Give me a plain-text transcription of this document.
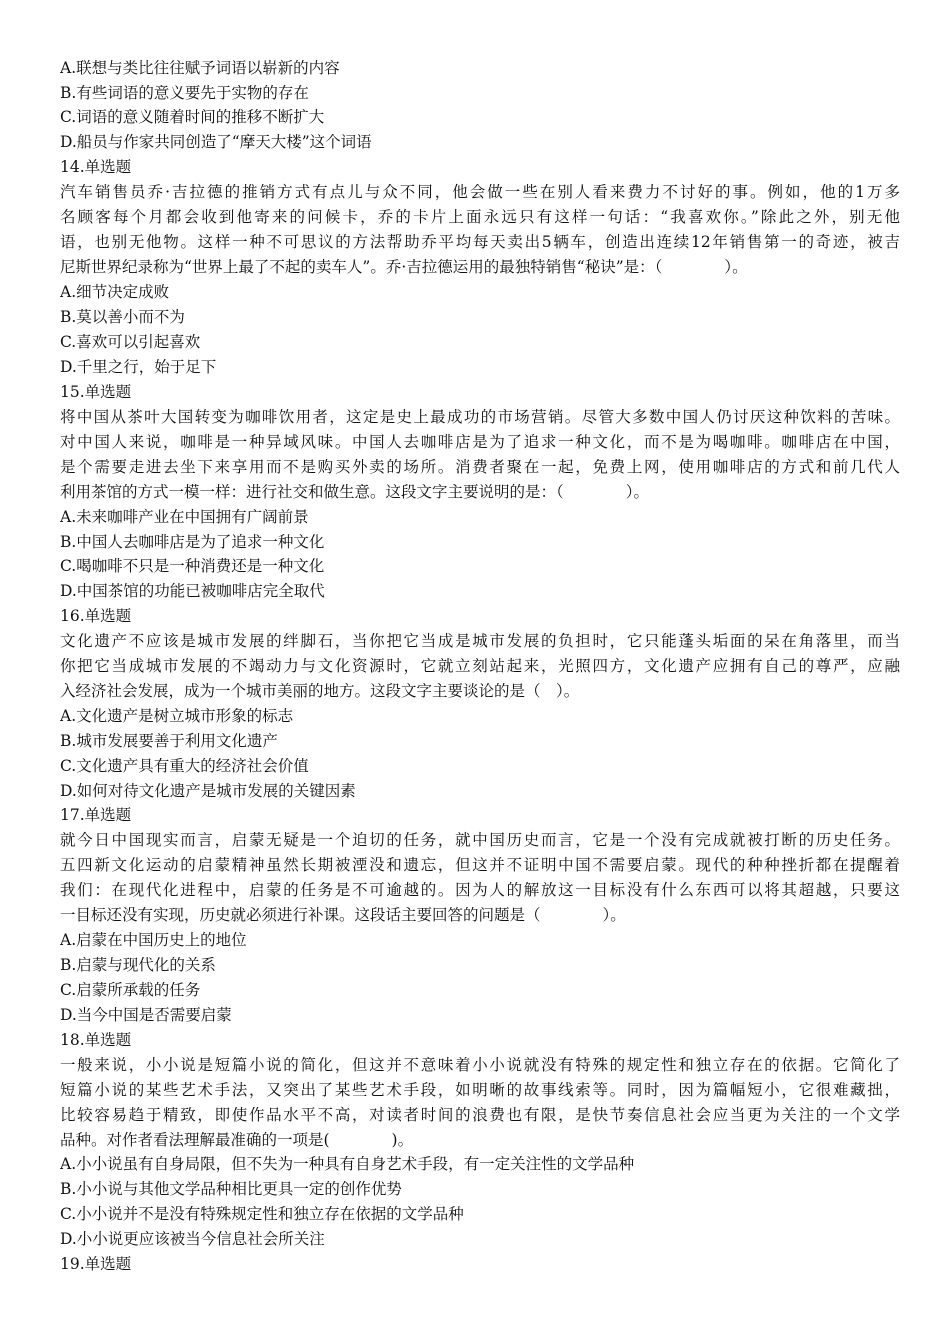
A.联想与类比往往赋予词语以崭新的内容
B.有些词语的意义要先于实物的存在
C.词语的意义随着时间的推移不断扩大
D.船员与作家共同创造了“摩天大楼”这个词语
14.单选题
汽车销售员乔·吉拉德的推销方式有点儿与众不同，他会做一些在别人看来费力不讨好的事。例如，他的1万多
名顾客每个月都会收到他寄来的问候卡，乔的卡片上面永远只有这样一句话：“我喜欢你。”除此之外，别无他
语，也别无他物。这样一种不可思议的方法帮助乔平均每天卖出5辆车，创造出连续12年销售第一的奇迹，被吉
尼斯世界纪录称为“世界上最了不起的卖车人”。乔·吉拉德运用的最独特销售“秘诀”是：（　　　　）。
A.细节决定成败
B.莫以善小而不为
C.喜欢可以引起喜欢
D.千里之行，始于足下
15.单选题
将中国从茶叶大国转变为咖啡饮用者，这定是史上最成功的市场营销。尽管大多数中国人仍讨厌这种饮料的苦味。
对中国人来说，咖啡是一种异域风味。中国人去咖啡店是为了追求一种文化，而不是为喝咖啡。咖啡店在中国，
是个需要走进去坐下来享用而不是购买外卖的场所。消费者聚在一起，免费上网，使用咖啡店的方式和前几代人
利用茶馆的方式一模一样：进行社交和做生意。这段文字主要说明的是：（　　　　）。
A.未来咖啡产业在中国拥有广阔前景
B.中国人去咖啡店是为了追求一种文化
C.喝咖啡不只是一种消费还是一种文化
D.中国茶馆的功能已被咖啡店完全取代
16.单选题
文化遗产不应该是城市发展的绊脚石，当你把它当成是城市发展的负担时，它只能蓬头垢面的呆在角落里，而当
你把它当成城市发展的不竭动力与文化资源时，它就立刻站起来，光照四方，文化遗产应拥有自己的尊严，应融
入经济社会发展，成为一个城市美丽的地方。这段文字主要谈论的是（　）。
A.文化遗产是树立城市形象的标志
B.城市发展要善于利用文化遗产
C.文化遗产具有重大的经济社会价值
D.如何对待文化遗产是城市发展的关键因素
17.单选题
就今日中国现实而言，启蒙无疑是一个迫切的任务，就中国历史而言，它是一个没有完成就被打断的历史任务。
五四新文化运动的启蒙精神虽然长期被湮没和遗忘，但这并不证明中国不需要启蒙。现代的种种挫折都在提醒着
我们：在现代化进程中，启蒙的任务是不可逾越的。因为人的解放这一目标没有什么东西可以将其超越，只要这
一目标还没有实现，历史就必须进行补课。这段话主要回答的问题是（　　　　）。
A.启蒙在中国历史上的地位
B.启蒙与现代化的关系
C.启蒙所承载的任务
D.当今中国是否需要启蒙
18.单选题
一般来说，小小说是短篇小说的简化，但这并不意味着小小说就没有特殊的规定性和独立存在的依据。它简化了
短篇小说的某些艺术手法，又突出了某些艺术手段，如明晰的故事线索等。同时，因为篇幅短小，它很难藏拙，
比较容易趋于精致，即使作品水平不高，对读者时间的浪费也有限，是快节奏信息社会应当更为关注的一个文学
品种。对作者看法理解最准确的一项是(　　　　)。
A.小小说虽有自身局限，但不失为一种具有自身艺术手段，有一定关注性的文学品种
B.小小说与其他文学品种相比更具一定的创作优势
C.小小说并不是没有特殊规定性和独立存在依据的文学品种
D.小小说更应该被当今信息社会所关注
19.单选题
